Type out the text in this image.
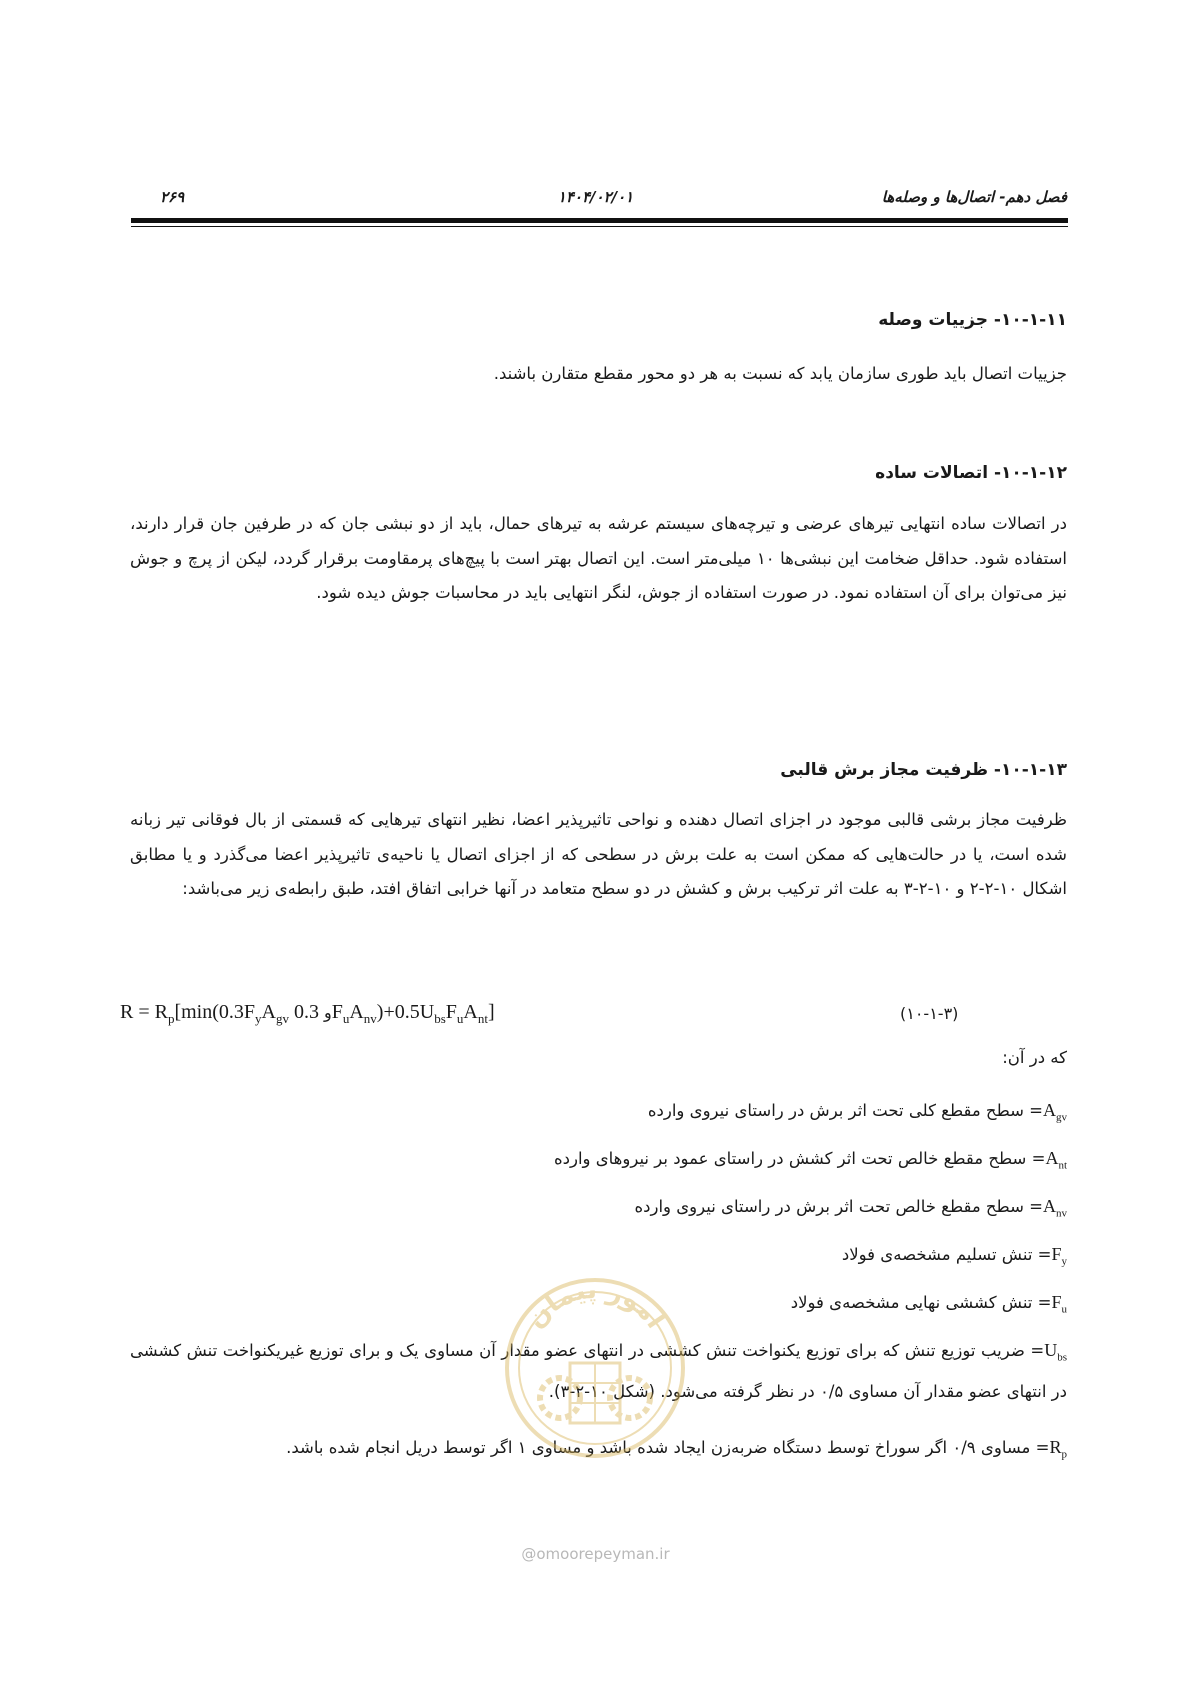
فصل دهم- اتصال‌ها و وصله‌ها
۱۴۰۴/۰۲/۰۱
۲۶۹
۱۰-۱-۱۱- جزییات وصله
جزییات اتصال باید طوری سازمان یابد که نسبت به هر دو محور مقطع متقارن باشند.
۱۰-۱-۱۲- اتصالات ساده
در اتصالات ساده انتهایی تیرهای عرضی و تیرچه‌های سیستم عرشه به تیرهای حمال، باید از دو نبشی جان که در طرفین جان قرار دارند، استفاده شود. حداقل ضخامت این نبشی‌ها ۱۰ میلی‌متر است. این اتصال بهتر است با پیچ‌های پرمقاومت برقرار گردد، لیکن از پرچ و جوش نیز می‌توان برای آن استفاده نمود. در صورت استفاده از جوش، لنگر انتهایی باید در محاسبات جوش دیده شود.
۱۰-۱-۱۳- ظرفیت مجاز برش قالبی
ظرفیت مجاز برشی قالبی موجود در اجزای اتصال دهنده و نواحی تاثیرپذیر اعضا، نظیر انتهای تیرهایی که قسمتی از بال فوقانی تیر زبانه شده است، یا در حالت‌هایی که ممکن است به علت برش در سطحی که از اجزای اتصال یا ناحیه‌ی تاثیرپذیر اعضا می‌گذرد و یا مطابق اشکال ۱۰-۲-۲ و ۱۰-۲-۳ به علت اثر ترکیب برش و کشش در دو سطح متعامد در آنها خرابی اتفاق افتد، طبق رابطه‌ی زیر می‌باشد:
$R = R_p[\min(0.3F_yA_{gv}$ و $0.3F_uA_{nv})+0.5U_{bs}F_uA_{nt}$]	(۱۰-۱-۳)
که در آن:
$A_{gv}=$ سطح مقطع کلی تحت اثر برش در راستای نیروی وارده
$A_{nt}=$ سطح مقطع خالص تحت اثر کشش در راستای عمود بر نیروهای وارده
$A_{nv}=$ سطح مقطع خالص تحت اثر برش در راستای نیروی وارده
$F_y=$ تنش تسلیم مشخصه‌ی فولاد
$F_u=$ تنش کششی نهایی مشخصه‌ی فولاد
$U_{bs}=$ ضریب توزیع تنش که برای توزیع یکنواخت تنش کششی در انتهای عضو مقدار آن مساوی یک و برای توزیع غیریکنواخت تنش کششی در انتهای عضو مقدار آن مساوی ۰/۵ در نظر گرفته می‌شود. (شکل ۱۰-۲-۳).
$R_p=$ مساوی ۰/۹ اگر سوراخ توسط دستگاه ضربه‌زن ایجاد شده باشد و مساوی ۱ اگر توسط دریل انجام شده باشد.
امور پیمان
@omoorepeyman.ir
